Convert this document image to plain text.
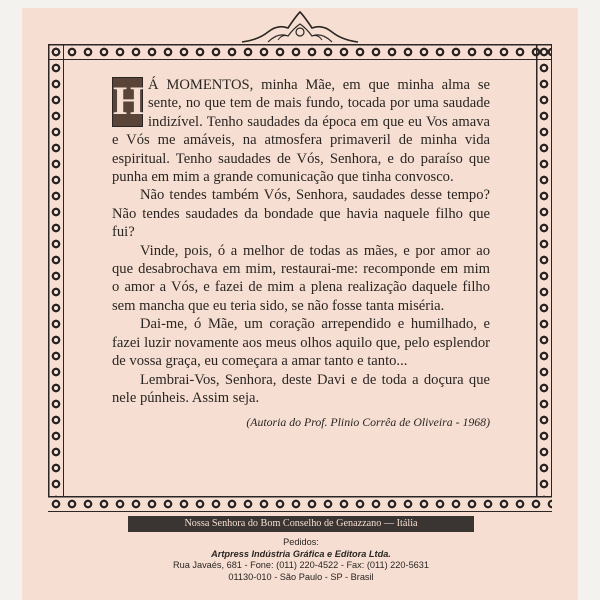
H Á MOMENTOS, minha Mãe, em que minha alma se sente, no que tem de mais fundo, tocada por uma saudade indizível. Tenho saudades da época em que eu Vos amava e Vós me amáveis, na atmosfera primaveril de minha vida espiritual. Tenho saudades de Vós, Senhora, e do paraíso que punha em mim a grande comunicação que tinha convosco.

Não tendes também Vós, Senhora, saudades desse tempo? Não tendes saudades da bondade que havia naquele filho que fui?

Vinde, pois, ó a melhor de todas as mães, e por amor ao que desabrochava em mim, restaurai-me: recomponde em mim o amor a Vós, e fazei de mim a plena realização daquele filho sem mancha que eu teria sido, se não fosse tanta miséria.

Dai-me, ó Mãe, um coração arrependido e humilhado, e fazei luzir novamente aos meus olhos aquilo que, pelo esplendor de vossa graça, eu começara a amar tanto e tanto...

Lembrai-Vos, Senhora, deste Davi e de toda a doçura que nele púnheis. Assim seja.

(Autoria do Prof. Plinio Corrêa de Oliveira - 1968)

Nossa Senhora do Bom Conselho de Genazzano — Itália
Pedidos:
Artpress Indústria Gráfica e Editora Ltda.
Rua Javaés, 681 - Fone: (011) 220-4522 - Fax: (011) 220-5631
01130-010 - São Paulo - SP - Brasil
